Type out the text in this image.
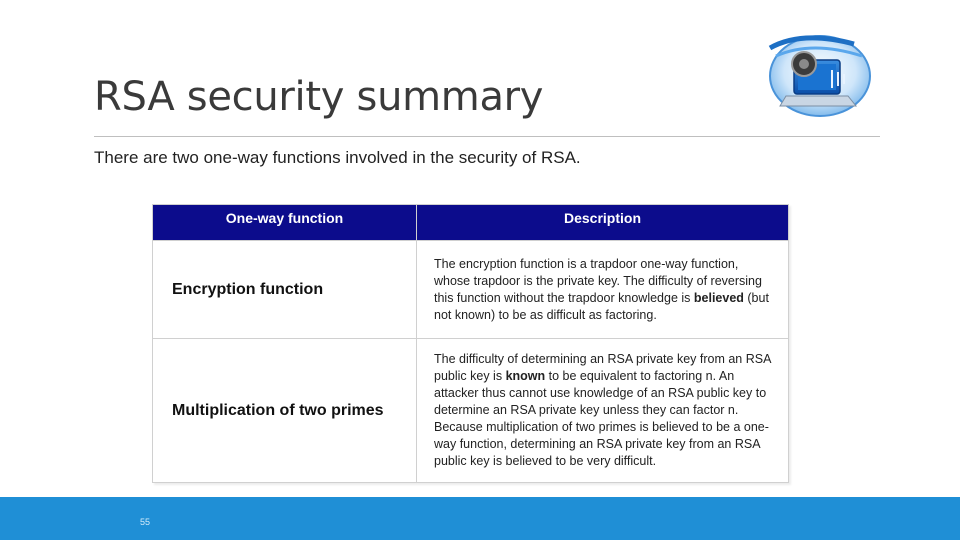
RSA security summary
There are two one-way functions involved in the security of RSA.
One-way function	Description
Encryption function	The encryption function is a trapdoor one-way function, whose trapdoor is the private key. The difficulty of reversing this function without the trapdoor knowledge is believed (but not known) to be as difficult as factoring.
Multiplication of two primes	The difficulty of determining an RSA private key from an RSA public key is known to be equivalent to factoring n. An attacker thus cannot use knowledge of an RSA public key to determine an RSA private key unless they can factor n. Because multiplication of two primes is believed to be a one-way function, determining an RSA private key from an RSA public key is believed to be very difficult.
55
